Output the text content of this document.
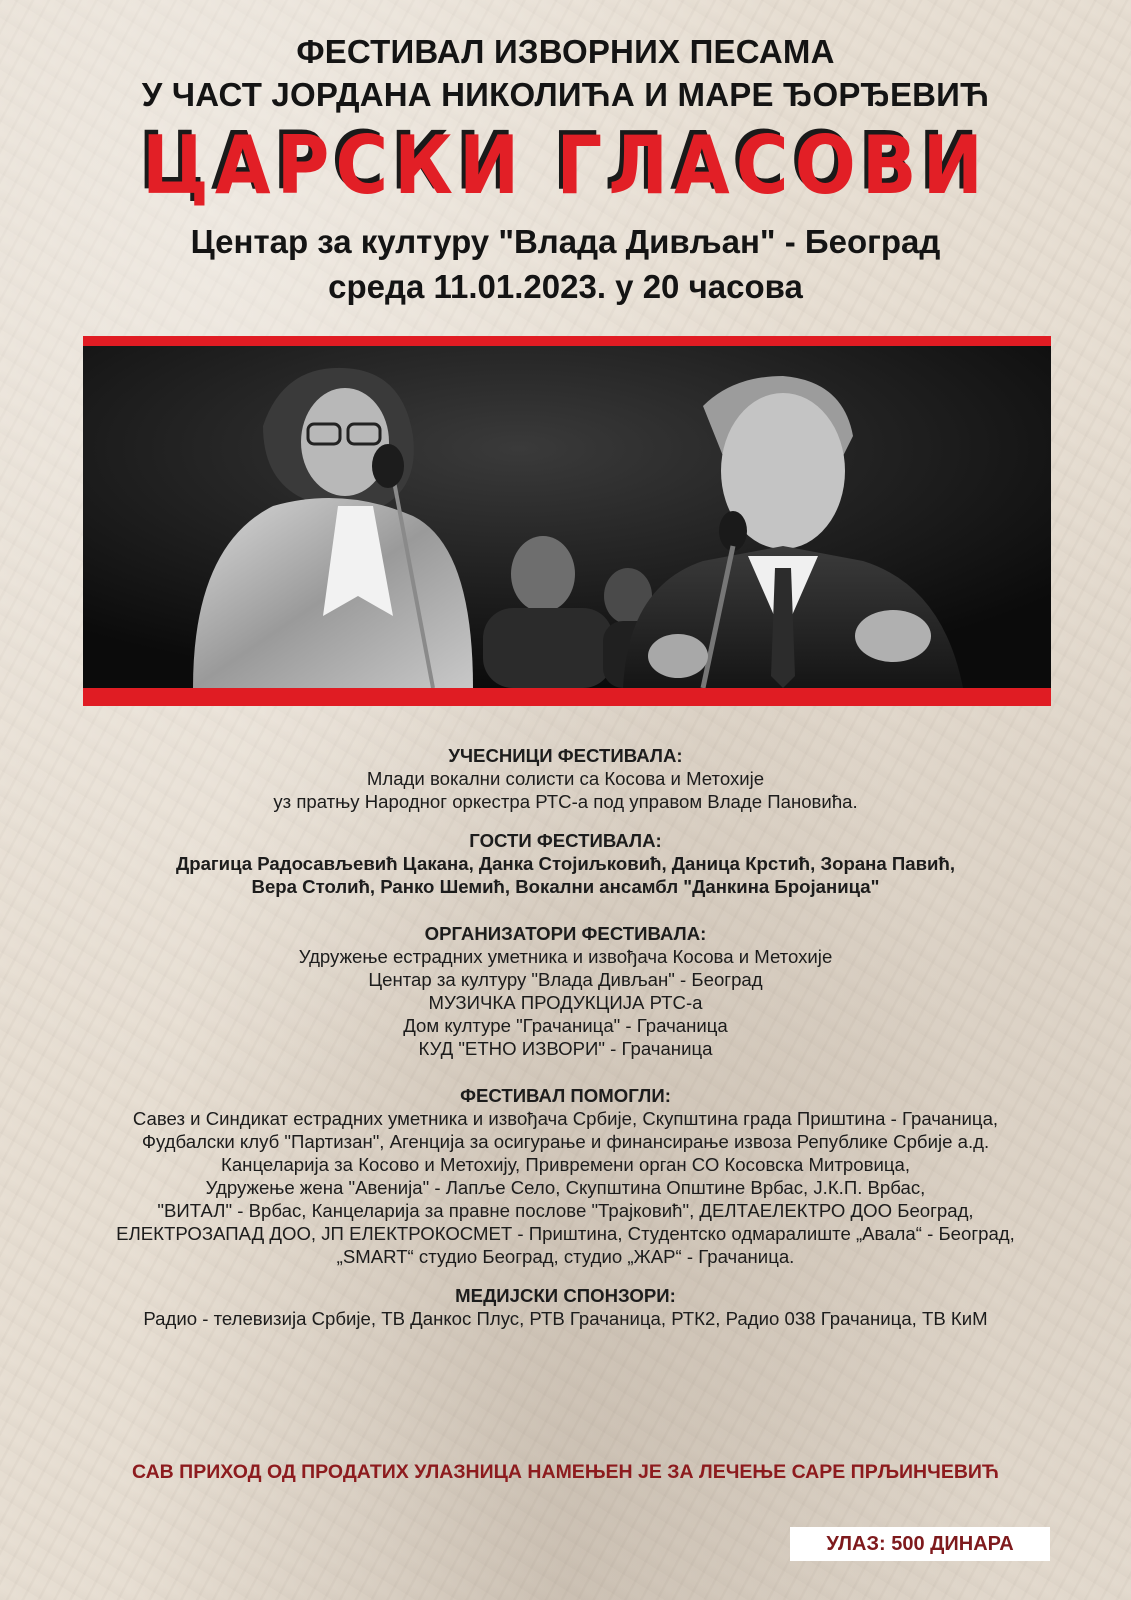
ФЕСТИВАЛ ИЗВОРНИХ ПЕСАМА
У ЧАСТ ЈОРДАНА НИКОЛИЋА И МАРЕ ЂОРЂЕВИЋ
ЦАРСКИ ГЛАСОВИ
Центар за културу "Влада Дивљан" - Београд
среда 11.01.2023. у 20 часова
УЧЕСНИЦИ ФЕСТИВАЛА:
Млади вокални солисти са Косова и Метохије
уз пратњу Народног оркестра РТС-а под управом Владе Пановића.
ГОСТИ ФЕСТИВАЛА:
Драгица Радосављевић Цакана, Данка Стојиљковић, Даница Крстић, Зорана Павић,
Вера Столић, Ранко Шемић, Вокални ансамбл "Данкина Бројаница"
ОРГАНИЗАТОРИ ФЕСТИВАЛА:
Удружење естрадних уметника и извођача Косова и Метохије
Центар за културу "Влада Дивљан" - Београд
МУЗИЧКА ПРОДУКЦИЈА РТС-а
Дом културе "Грачаница" - Грачаница
КУД "ЕТНО ИЗВОРИ" - Грачаница
ФЕСТИВАЛ ПОМОГЛИ:
Савез и Синдикат естрадних уметника и извођача Србије, Скупштина града Приштина - Грачаница,
Фудбалски клуб "Партизан", Агенција за осигурање и финансирање извоза Републике Србије а.д.
Канцеларија за Косово и Метохију, Привремени орган СО Косовска Митровица,
Удружење жена "Авенија" - Лапље Село, Скупштина Општине Врбас, Ј.К.П. Врбас,
"ВИТАЛ" - Врбас, Канцеларија за правне послове "Трајковић", ДЕЛТАЕЛЕКТРО ДОО Београд,
ЕЛЕКТРОЗАПАД ДОО, ЈП ЕЛЕКТРОКОСМЕТ - Приштина, Студентско одмаралиште „Авала“ - Београд,
„SMART“ студио Београд, студио „ЖАР“ - Грачаница.
МЕДИЈСКИ СПОНЗОРИ:
Радио - телевизија Србије, ТВ Данкос Плус, РТВ Грачаница, РТК2, Радио 038 Грачаница, ТВ КиМ
САВ ПРИХОД ОД ПРОДАТИХ УЛАЗНИЦА НАМЕЊЕН ЈЕ ЗА ЛЕЧЕЊЕ САРЕ ПРЉИНЧЕВИЋ
УЛАЗ: 500 ДИНАРА
